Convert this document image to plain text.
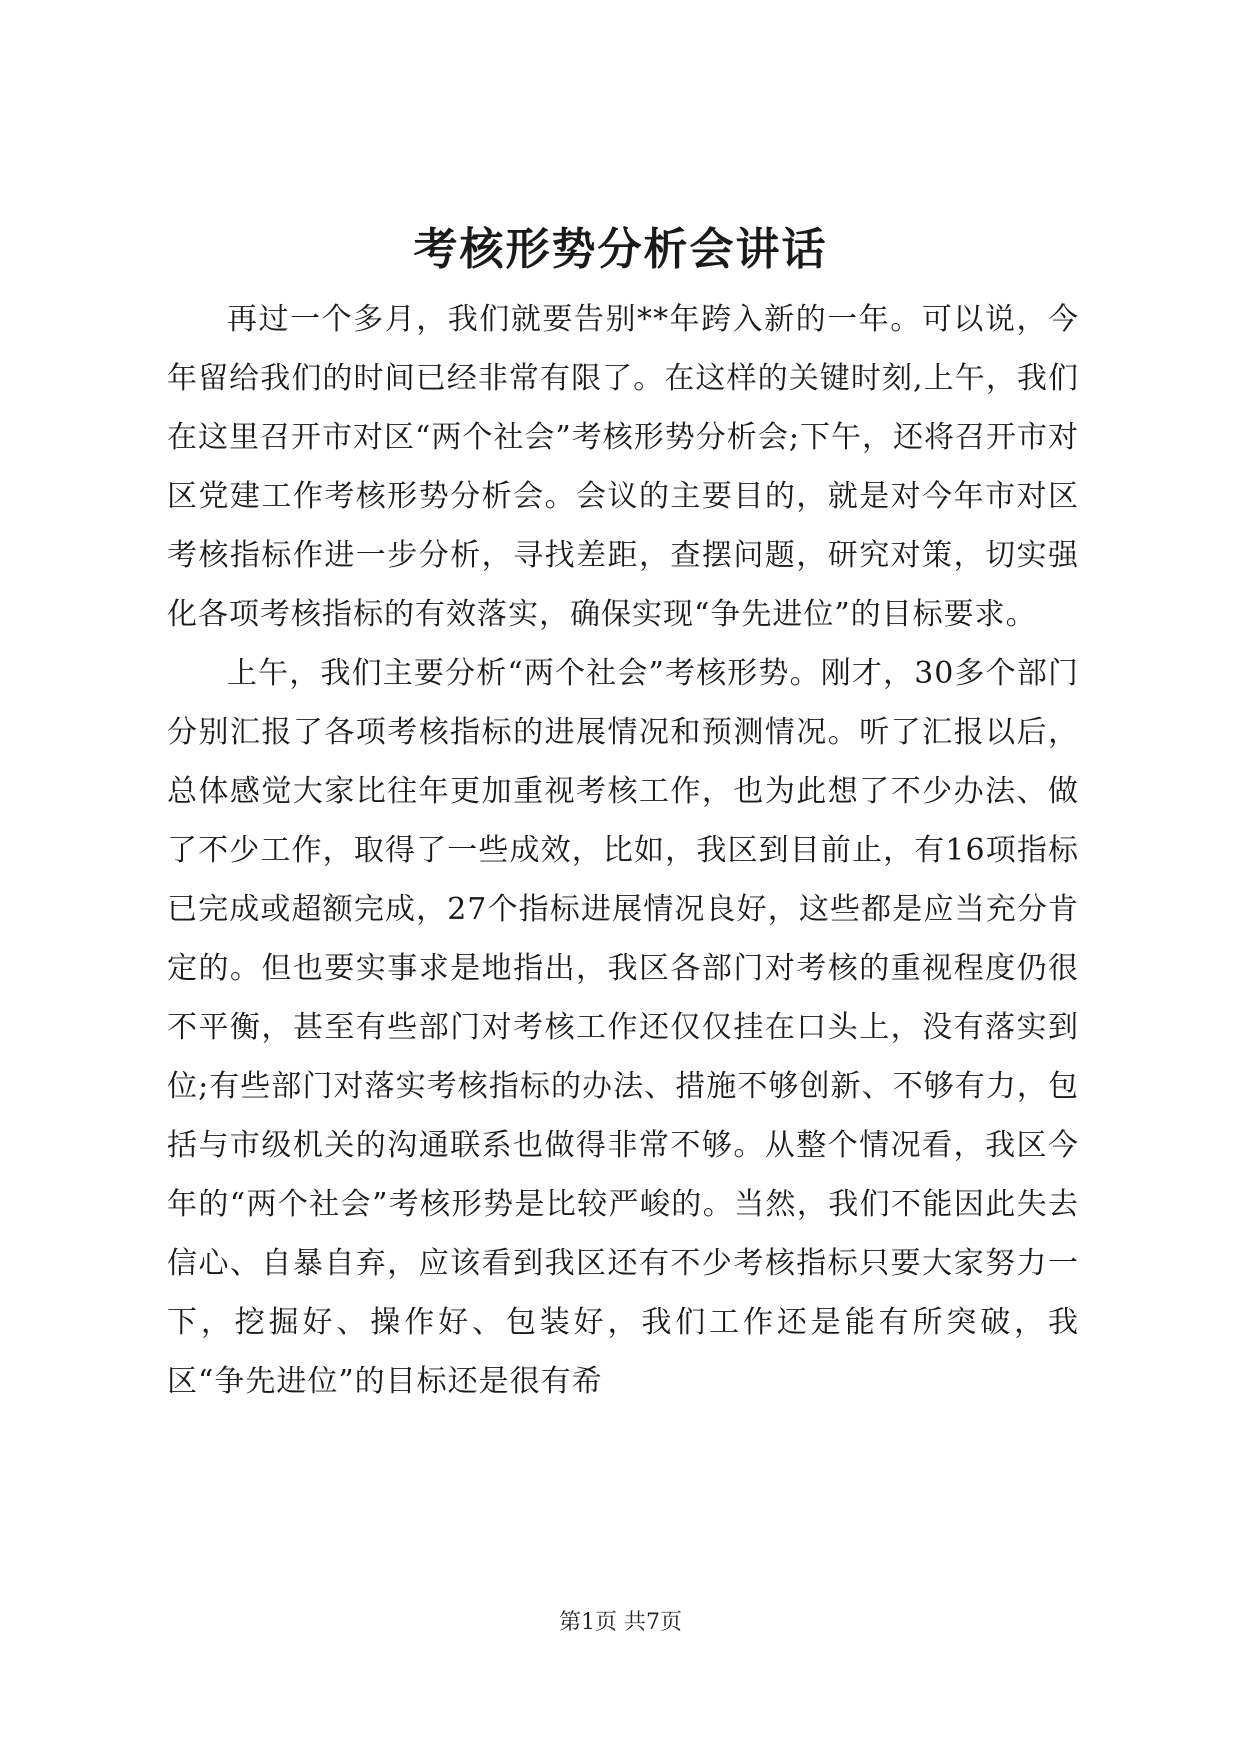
考核形势分析会讲话

再过一个多月，我们就要告别**年跨入新的一年。可以说，今年留给我们的时间已经非常有限了。在这样的关键时刻,上午，我们在这里召开市对区“两个社会”考核形势分析会;下午，还将召开市对区党建工作考核形势分析会。会议的主要目的，就是对今年市对区考核指标作进一步分析，寻找差距，查摆问题，研究对策，切实强化各项考核指标的有效落实，确保实现“争先进位”的目标要求。

上午，我们主要分析“两个社会”考核形势。刚才，30多个部门分别汇报了各项考核指标的进展情况和预测情况。听了汇报以后，总体感觉大家比往年更加重视考核工作，也为此想了不少办法、做了不少工作，取得了一些成效，比如，我区到目前止，有16项指标已完成或超额完成，27个指标进展情况良好，这些都是应当充分肯定的。但也要实事求是地指出，我区各部门对考核的重视程度仍很不平衡，甚至有些部门对考核工作还仅仅挂在口头上，没有落实到位;有些部门对落实考核指标的办法、措施不够创新、不够有力，包括与市级机关的沟通联系也做得非常不够。从整个情况看，我区今年的“两个社会”考核形势是比较严峻的。当然，我们不能因此失去信心、自暴自弃，应该看到我区还有不少考核指标只要大家努力一下，挖掘好、操作好、包装好，我们工作还是能有所突破，我区“争先进位”的目标还是很有希

第1页 共7页
